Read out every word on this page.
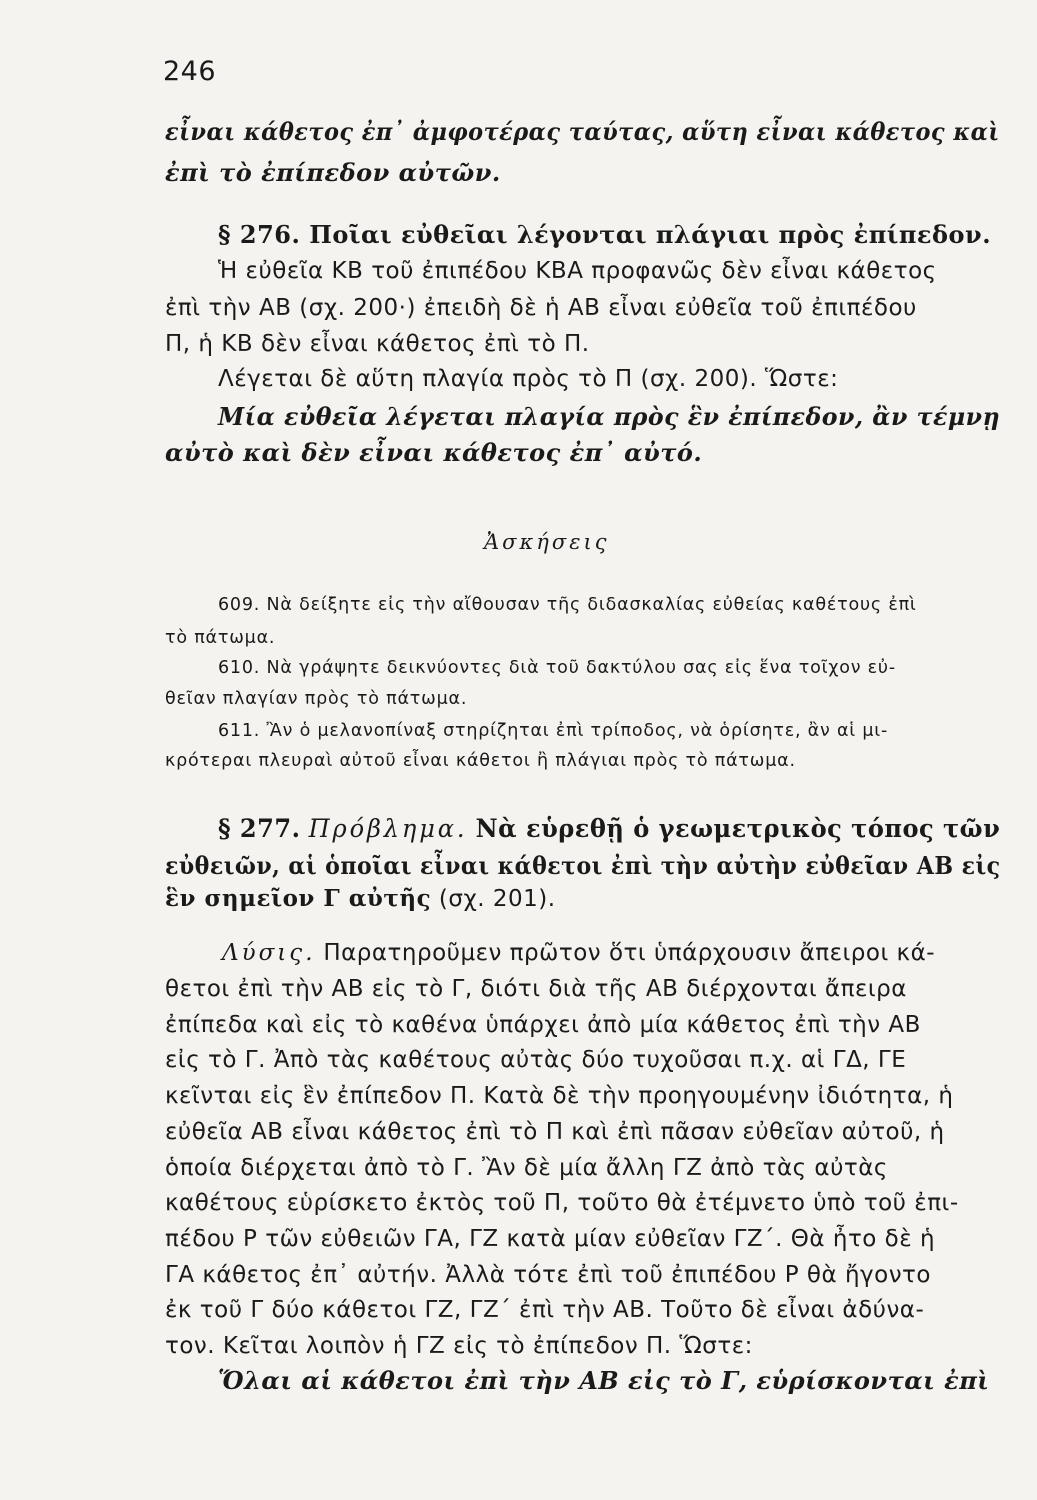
246
εἶναι κάθετος ἐπ᾽ ἀμφοτέρας ταύτας, αὕτη εἶναι κάθετος καὶ
ἐπὶ τὸ ἐπίπεδον αὐτῶν.
§ 276. Ποῖαι εὐθεῖαι λέγονται πλάγιαι πρὸς ἐπίπεδον.
Ἡ εὐθεῖα ΚΒ τοῦ ἐπιπέδου ΚΒΑ προφανῶς δὲν εἶναι κάθετος
ἐπὶ τὴν ΑΒ (σχ. 200·) ἐπειδὴ δὲ ἡ ΑΒ εἶναι εὐθεῖα τοῦ ἐπιπέδου
Π, ἡ ΚΒ δὲν εἶναι κάθετος ἐπὶ τὸ Π.
Λέγεται δὲ αὕτη πλαγία πρὸς τὸ Π (σχ. 200). Ὥστε:
Μία εὐθεῖα λέγεται πλαγία πρὸς ἓν ἐπίπεδον, ἂν τέμνῃ
αὐτὸ καὶ δὲν εἶναι κάθετος ἐπ᾽ αὐτό.
Ἀσκήσεις
609. Νὰ δείξητε εἰς τὴν αἴθουσαν τῆς διδασκαλίας εὐθείας καθέτους ἐπὶ
τὸ πάτωμα.
610. Νὰ γράψητε δεικνύοντες διὰ τοῦ δακτύλου σας εἰς ἕνα τοῖχον εὐ-
θεῖαν πλαγίαν πρὸς τὸ πάτωμα.
611. Ἂν ὁ μελανοπίναξ στηρίζηται ἐπὶ τρίποδος, νὰ ὁρίσητε, ἂν αἱ μι-
κρότεραι πλευραὶ αὐτοῦ εἶναι κάθετοι ἢ πλάγιαι πρὸς τὸ πάτωμα.
§ 277. Πρόβλημα. Νὰ εὑρεθῇ ὁ γεωμετρικὸς τόπος τῶν
εὐθειῶν, αἱ ὁποῖαι εἶναι κάθετοι ἐπὶ τὴν αὐτὴν εὐθεῖαν ΑΒ εἰς
ἓν σημεῖον Γ αὐτῆς (σχ. 201).
Λύσις. Παρατηροῦμεν πρῶτον ὅτι ὑπάρχουσιν ἄπειροι κά-
θετοι ἐπὶ τὴν ΑΒ εἰς τὸ Γ, διότι διὰ τῆς ΑΒ διέρχονται ἄπειρα
ἐπίπεδα καὶ εἰς τὸ καθένα ὑπάρχει ἀπὸ μία κάθετος ἐπὶ τὴν ΑΒ
εἰς τὸ Γ. Ἀπὸ τὰς καθέτους αὐτὰς δύο τυχοῦσαι π.χ. αἱ ΓΔ, ΓΕ
κεῖνται εἰς ἓν ἐπίπεδον Π. Κατὰ δὲ τὴν προηγουμένην ἰδιότητα, ἡ
εὐθεῖα ΑΒ εἶναι κάθετος ἐπὶ τὸ Π καὶ ἐπὶ πᾶσαν εὐθεῖαν αὐτοῦ, ἡ
ὁποία διέρχεται ἀπὸ τὸ Γ. Ἂν δὲ μία ἄλλη ΓΖ ἀπὸ τὰς αὐτὰς
καθέτους εὑρίσκετο ἐκτὸς τοῦ Π, τοῦτο θὰ ἐτέμνετο ὑπὸ τοῦ ἐπι-
πέδου Ρ τῶν εὐθειῶν ΓΑ, ΓΖ κατὰ μίαν εὐθεῖαν ΓΖ΄. Θὰ ἦτο δὲ ἡ
ΓΑ κάθετος ἐπ᾽ αὐτήν. Ἀλλὰ τότε ἐπὶ τοῦ ἐπιπέδου Ρ θὰ ἤγοντο
ἐκ τοῦ Γ δύο κάθετοι ΓΖ, ΓΖ΄ ἐπὶ τὴν ΑΒ. Τοῦτο δὲ εἶναι ἀδύνα-
τον. Κεῖται λοιπὸν ἡ ΓΖ εἰς τὸ ἐπίπεδον Π. Ὥστε:
Ὅλαι αἱ κάθετοι ἐπὶ τὴν ΑΒ εἰς τὸ Γ, εὑρίσκονται ἐπὶ
